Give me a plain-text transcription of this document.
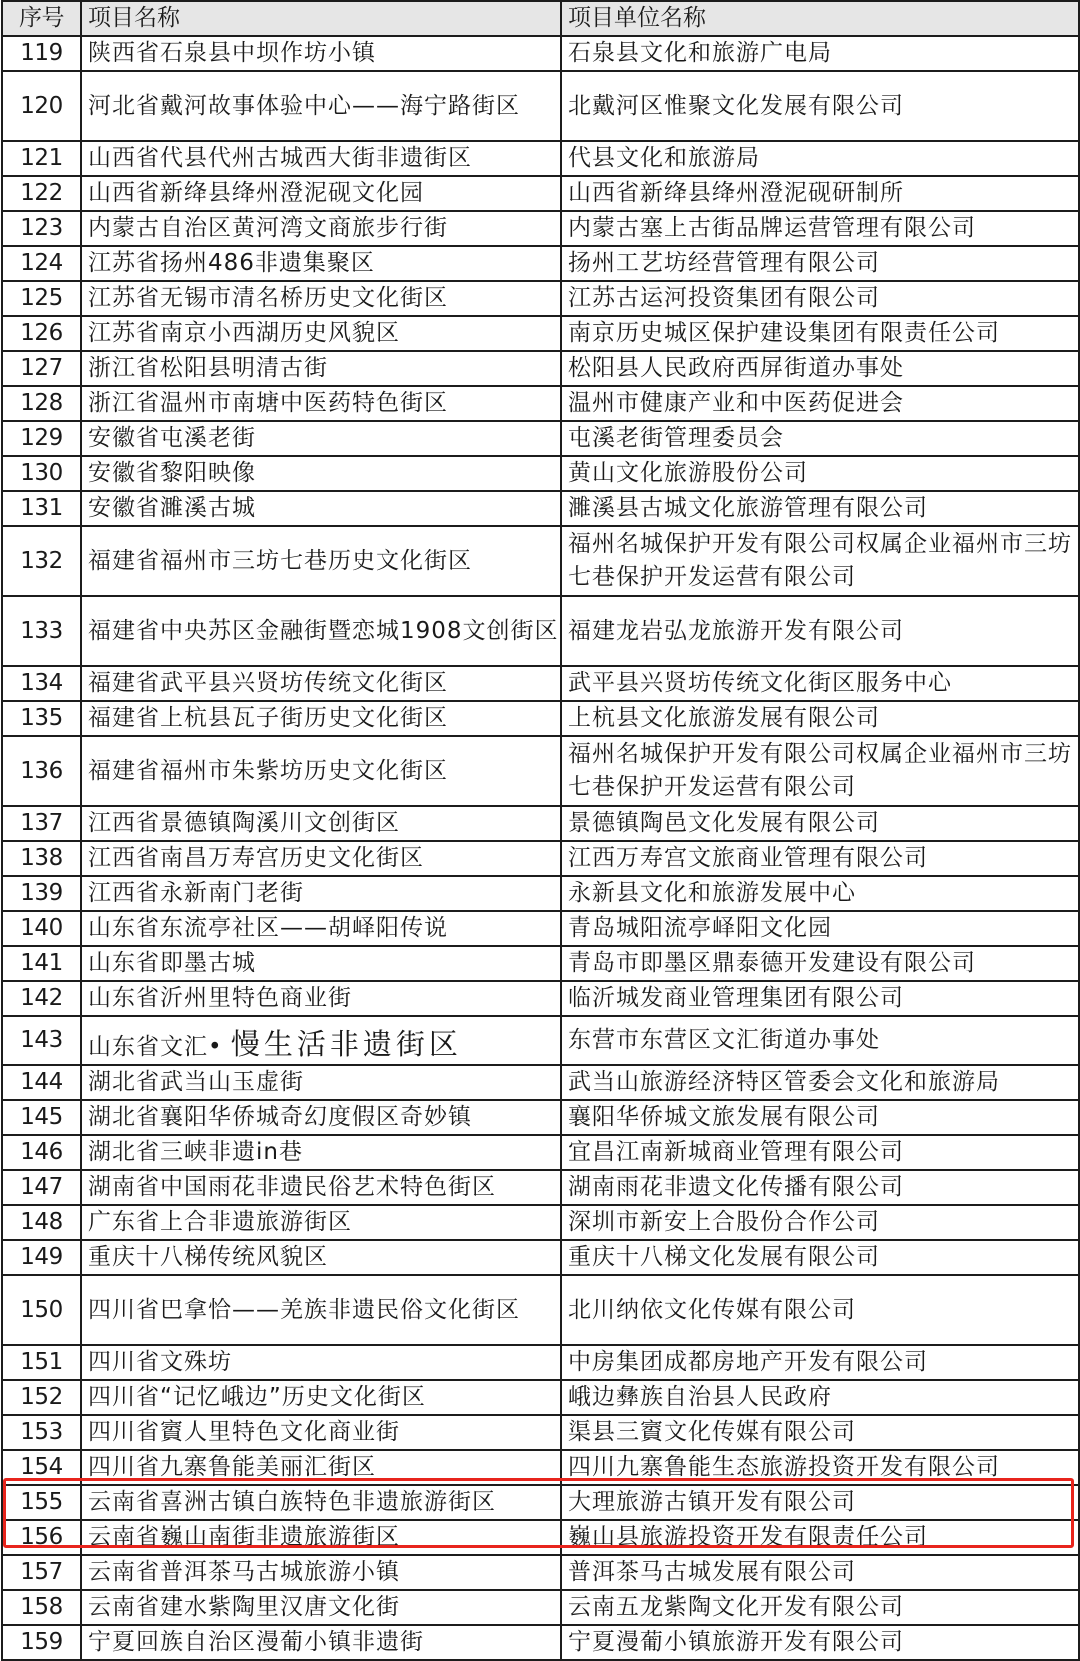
序号	项目名称	项目单位名称
119	陕西省石泉县中坝作坊小镇	石泉县文化和旅游广电局
120	河北省戴河故事体验中心——海宁路街区	北戴河区惟聚文化发展有限公司
121	山西省代县代州古城西大街非遗街区	代县文化和旅游局
122	山西省新绛县绛州澄泥砚文化园	山西省新绛县绛州澄泥砚研制所
123	内蒙古自治区黄河湾文商旅步行街	内蒙古塞上古街品牌运营管理有限公司
124	江苏省扬州486非遗集聚区	扬州工艺坊经营管理有限公司
125	江苏省无锡市清名桥历史文化街区	江苏古运河投资集团有限公司
126	江苏省南京小西湖历史风貌区	南京历史城区保护建设集团有限责任公司
127	浙江省松阳县明清古街	松阳县人民政府西屏街道办事处
128	浙江省温州市南塘中医药特色街区	温州市健康产业和中医药促进会
129	安徽省屯溪老街	屯溪老街管理委员会
130	安徽省黎阳映像	黄山文化旅游股份公司
131	安徽省濉溪古城	濉溪县古城文化旅游管理有限公司
132	福建省福州市三坊七巷历史文化街区	福州名城保护开发有限公司权属企业福州市三坊七巷保护开发运营有限公司
133	福建省中央苏区金融街暨恋城1908文创街区	福建龙岩弘龙旅游开发有限公司
134	福建省武平县兴贤坊传统文化街区	武平县兴贤坊传统文化街区服务中心
135	福建省上杭县瓦子街历史文化街区	上杭县文化旅游发展有限公司
136	福建省福州市朱紫坊历史文化街区	福州名城保护开发有限公司权属企业福州市三坊七巷保护开发运营有限公司
137	江西省景德镇陶溪川文创街区	景德镇陶邑文化发展有限公司
138	江西省南昌万寿宫历史文化街区	江西万寿宫文旅商业管理有限公司
139	江西省永新南门老街	永新县文化和旅游发展中心
140	山东省东流亭社区——胡峄阳传说	青岛城阳流亭峄阳文化园
141	山东省即墨古城	青岛市即墨区鼎泰德开发建设有限公司
142	山东省沂州里特色商业街	临沂城发商业管理集团有限公司
143	山东省文汇• 慢生活非遗街区	东营市东营区文汇街道办事处
144	湖北省武当山玉虚街	武当山旅游经济特区管委会文化和旅游局
145	湖北省襄阳华侨城奇幻度假区奇妙镇	襄阳华侨城文旅发展有限公司
146	湖北省三峡非遗in巷	宜昌江南新城商业管理有限公司
147	湖南省中国雨花非遗民俗艺术特色街区	湖南雨花非遗文化传播有限公司
148	广东省上合非遗旅游街区	深圳市新安上合股份合作公司
149	重庆十八梯传统风貌区	重庆十八梯文化发展有限公司
150	四川省巴拿恰——羌族非遗民俗文化街区	北川纳依文化传媒有限公司
151	四川省文殊坊	中房集团成都房地产开发有限公司
152	四川省“记忆峨边”历史文化街区	峨边彝族自治县人民政府
153	四川省賨人里特色文化商业街	渠县三賨文化传媒有限公司
154	四川省九寨鲁能美丽汇街区	四川九寨鲁能生态旅游投资开发有限公司
155	云南省喜洲古镇白族特色非遗旅游街区	大理旅游古镇开发有限公司
156	云南省巍山南街非遗旅游街区	巍山县旅游投资开发有限责任公司
157	云南省普洱茶马古城旅游小镇	普洱茶马古城发展有限公司
158	云南省建水紫陶里汉唐文化街	云南五龙紫陶文化开发有限公司
159	宁夏回族自治区漫葡小镇非遗街	宁夏漫葡小镇旅游开发有限公司
